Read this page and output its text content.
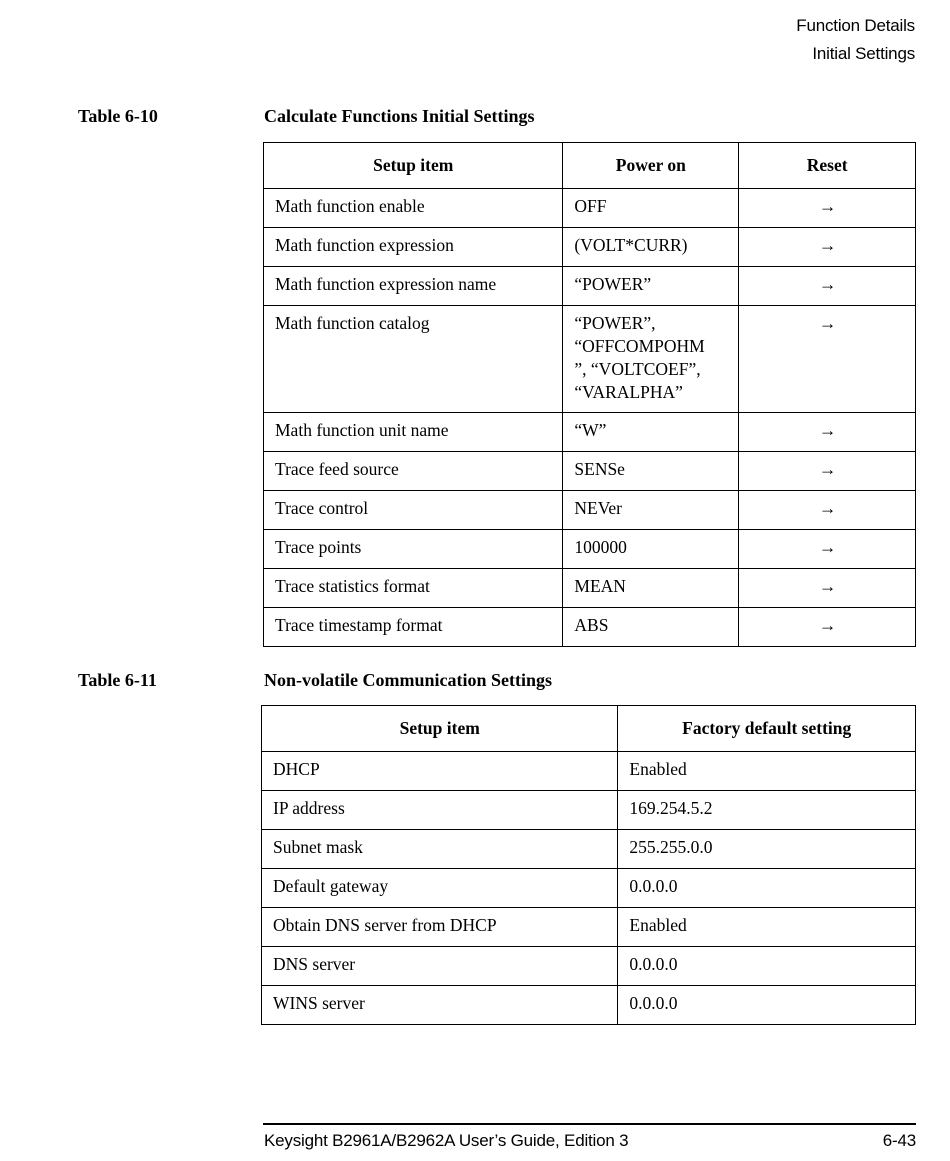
Function Details
Initial Settings
Table 6-10	Calculate Functions Initial Settings
Setup item	Power on	Reset
Math function enable	OFF	→
Math function expression	(VOLT*CURR)	→
Math function expression name	“POWER”	→
Math function catalog	“POWER”,
“OFFCOMPOHM
”, “VOLTCOEF”,
“VARALPHA”	→
Math function unit name	“W”	→
Trace feed source	SENSe	→
Trace control	NEVer	→
Trace points	100000	→
Trace statistics format	MEAN	→
Trace timestamp format	ABS	→
Table 6-11	Non-volatile Communication Settings
Setup item	Factory default setting
DHCP	Enabled
IP address	169.254.5.2
Subnet mask	255.255.0.0
Default gateway	0.0.0.0
Obtain DNS server from DHCP	Enabled
DNS server	0.0.0.0
WINS server	0.0.0.0
Keysight B2961A/B2962A User’s Guide, Edition 3	6-43
